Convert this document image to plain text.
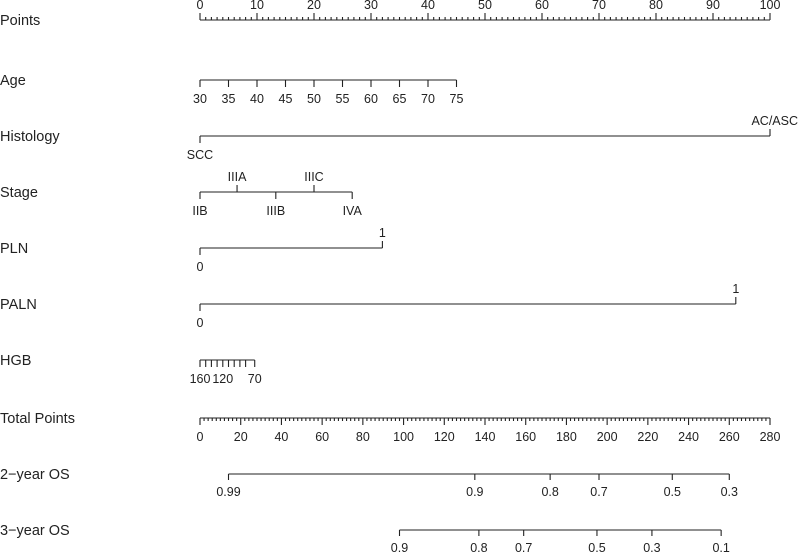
Points
0	10	20	30	40	50	60	70	80	90	100
Age
30 35 40 45 50 55 60 65 70 75
Histology
SCC
AC/ASC
Stage
IIB
IIIA
IIIB
IIIC
IVA
PLN
0
1
PALN
0
1
HGB
160 120 70
Total Points
0 20 40 60 80 100 120 140 160 180 200 220 240 260 280
2−year OS
0.99	0.9	0.8	0.7	0.5	0.3
3−year OS
0.9	0.8 0.7	0.5	0.3	0.1
